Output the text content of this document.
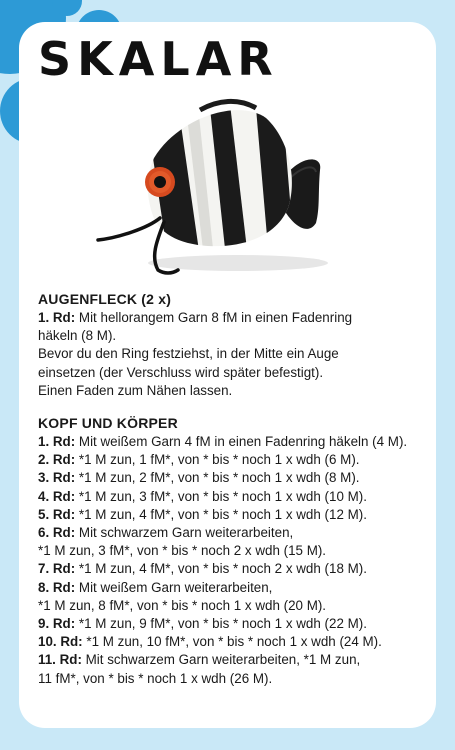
SKALAR
AUGENFLECK (2 x)
1. Rd: Mit hellorangem Garn 8 fM in einen Fadenring
häkeln (8 M).
Bevor du den Ring festziehst, in der Mitte ein Auge
einsetzen (der Verschluss wird später befestigt).
Einen Faden zum Nähen lassen.
KOPF UND KÖRPER
1. Rd: Mit weißem Garn 4 fM in einen Fadenring häkeln (4 M).
2. Rd: *1 M zun, 1 fM*, von * bis * noch 1 x wdh (6 M).
3. Rd: *1 M zun, 2 fM*, von * bis * noch 1 x wdh (8 M).
4. Rd: *1 M zun, 3 fM*, von * bis * noch 1 x wdh (10 M).
5. Rd: *1 M zun, 4 fM*, von * bis * noch 1 x wdh (12 M).
6. Rd: Mit schwarzem Garn weiterarbeiten,
*1 M zun, 3 fM*, von * bis * noch 2 x wdh (15 M).
7. Rd: *1 M zun, 4 fM*, von * bis * noch 2 x wdh (18 M).
8. Rd: Mit weißem Garn weiterarbeiten,
*1 M zun, 8 fM*, von * bis * noch 1 x wdh (20 M).
9. Rd: *1 M zun, 9 fM*, von * bis * noch 1 x wdh (22 M).
10. Rd: *1 M zun, 10 fM*, von * bis * noch 1 x wdh (24 M).
11. Rd: Mit schwarzem Garn weiterarbeiten, *1 M zun,
11 fM*, von * bis * noch 1 x wdh (26 M).
